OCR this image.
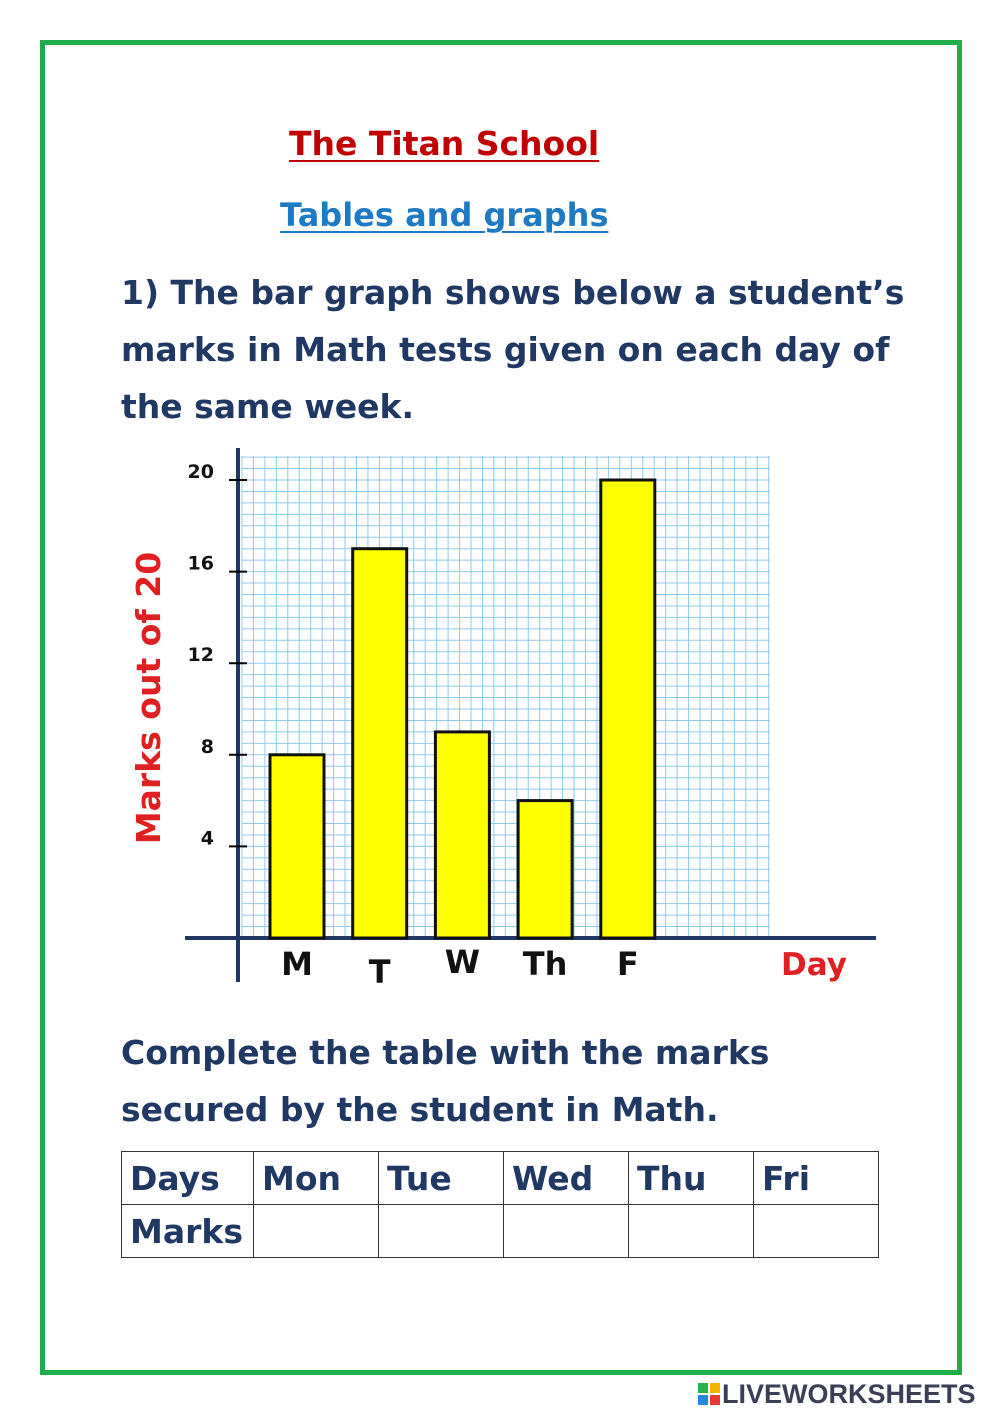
The Titan School
Tables and graphs
1) The bar graph shows below a student’s marks in Math tests given on each day of the same week.
4
8
12
16
20
M T W Th F
Marks out of 20
Day
Complete the table with the marks secured by the student in Math.
Days	Mon	Tue	Wed	Thu	Fri
Marks					
LIVEWORKSHEETS
